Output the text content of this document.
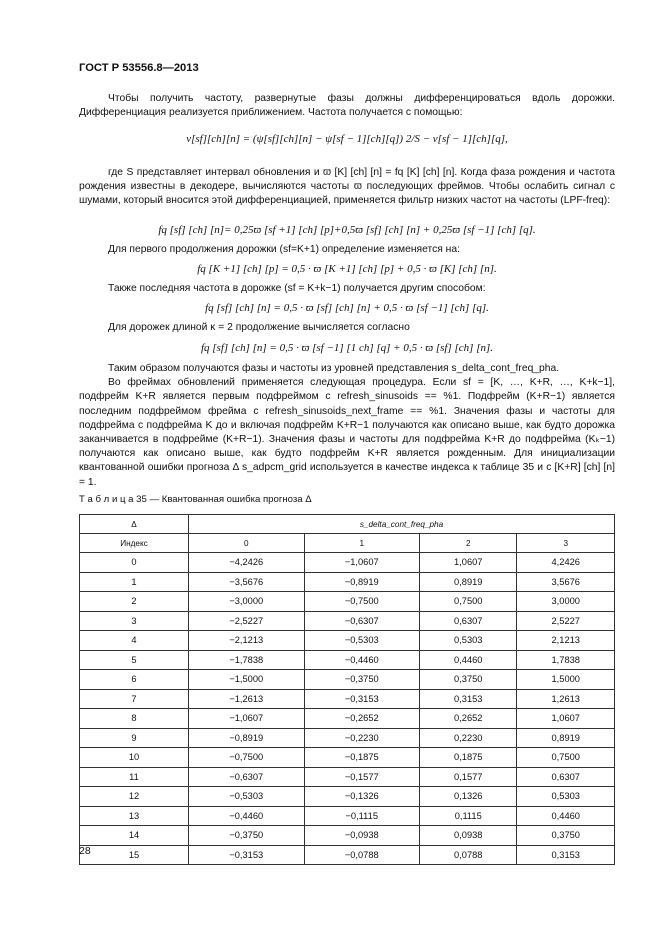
ГОСТ Р 53556.8—2013

Чтобы получить частоту, развернутые фазы должны дифференцироваться вдоль дорожки. Дифференциация реализуется приближением. Частота получается с помощью:

v[sf][ch][n] = (ψ[sf][ch][n] − ψ[sf − 1][ch][q]) 2/S − v[sf − 1][ch][q],

где S представляет интервал обновления и ϖ [K] [ch] [n] = fq [K] [ch] [n]. Когда фаза рождения и частота рождения известны в декодере, вычисляются частоты ϖ последующих фреймов. Чтобы ослабить сигнал с шумами, который вносится этой дифференциацией, применяется фильтр низких частот на частоты (LPF-freq):

fq [sf] [ch] [n]= 0,25ϖ [sf +1] [ch] [p]+0,5ϖ [sf] [ch] [n] + 0,25ϖ [sf −1] [ch] [q].

Для первого продолжения дорожки (sf=K+1) определение изменяется на:

fq [K +1] [ch] [p] = 0,5 · ϖ [K +1] [ch] [p] + 0,5 · ϖ [K] [ch] [n].

Также последняя частота в дорожке (sf = K+k−1) получается другим способом:

fq [sf] [ch] [n] = 0,5 · ϖ [sf] [ch] [n] + 0,5 · ϖ [sf −1] [ch] [q].

Для дорожек длиной κ = 2 продолжение вычисляется согласно

fq [sf] [ch] [n] = 0,5 · ϖ [sf −1] [1 ch] [q] + 0,5 · ϖ [sf] [ch] [n].

Таким образом получаются фазы и частоты из уровней представления s_delta_cont_freq_pha.

Во фреймах обновлений применяется следующая процедура. Если sf = [K, …, K+R, …, K+k−1], подфрейм K+R является первым подфреймом с refresh_sinusoids == %1. Подфрейм (K+R−1) является последним подфреймом фрейма с refresh_sinusoids_next_frame == %1. Значения фазы и частоты для подфрейма с подфрейма K до и включая подфрейм K+R−1 получаются как описано выше, как будто дорожка заканчивается в подфрейме (K+R−1). Значения фазы и частоты для подфрейма K+R до подфрейма (Kₖ−1) получаются как описано выше, как будто подфрейм K+R является рожденным. Для инициализации квантованной ошибки прогноза Δ s_adpcm_grid используется в качестве индекса к таблице 35 и с [K+R] [ch] [n] = 1.

Т а б л и ц а 35 — Квантованная ошибка прогноза Δ
Δ	s_delta_cont_freq_pha			
Индекс	0	1	2	3
0	−4,2426	−1,0607	1,0607	4,2426
1	−3,5676	−0,8919	0,8919	3,5676
2	−3,0000	−0,7500	0,7500	3,0000
3	−2,5227	−0,6307	0,6307	2,5227
4	−2,1213	−0,5303	0,5303	2,1213
5	−1,7838	−0,4460	0,4460	1,7838
6	−1,5000	−0,3750	0,3750	1,5000
7	−1,2613	−0,3153	0,3153	1,2613
8	−1,0607	−0,2652	0,2652	1,0607
9	−0,8919	−0,2230	0,2230	0,8919
10	−0,7500	−0,1875	0,1875	0,7500
11	−0,6307	−0,1577	0,1577	0,6307
12	−0,5303	−0,1326	0,1326	0,5303
13	−0,4460	−0,1115	0,1115	0,4460
14	−0,3750	−0,0938	0,0938	0,3750
15	−0,3153	−0,0788	0,0788	0,3153
28
